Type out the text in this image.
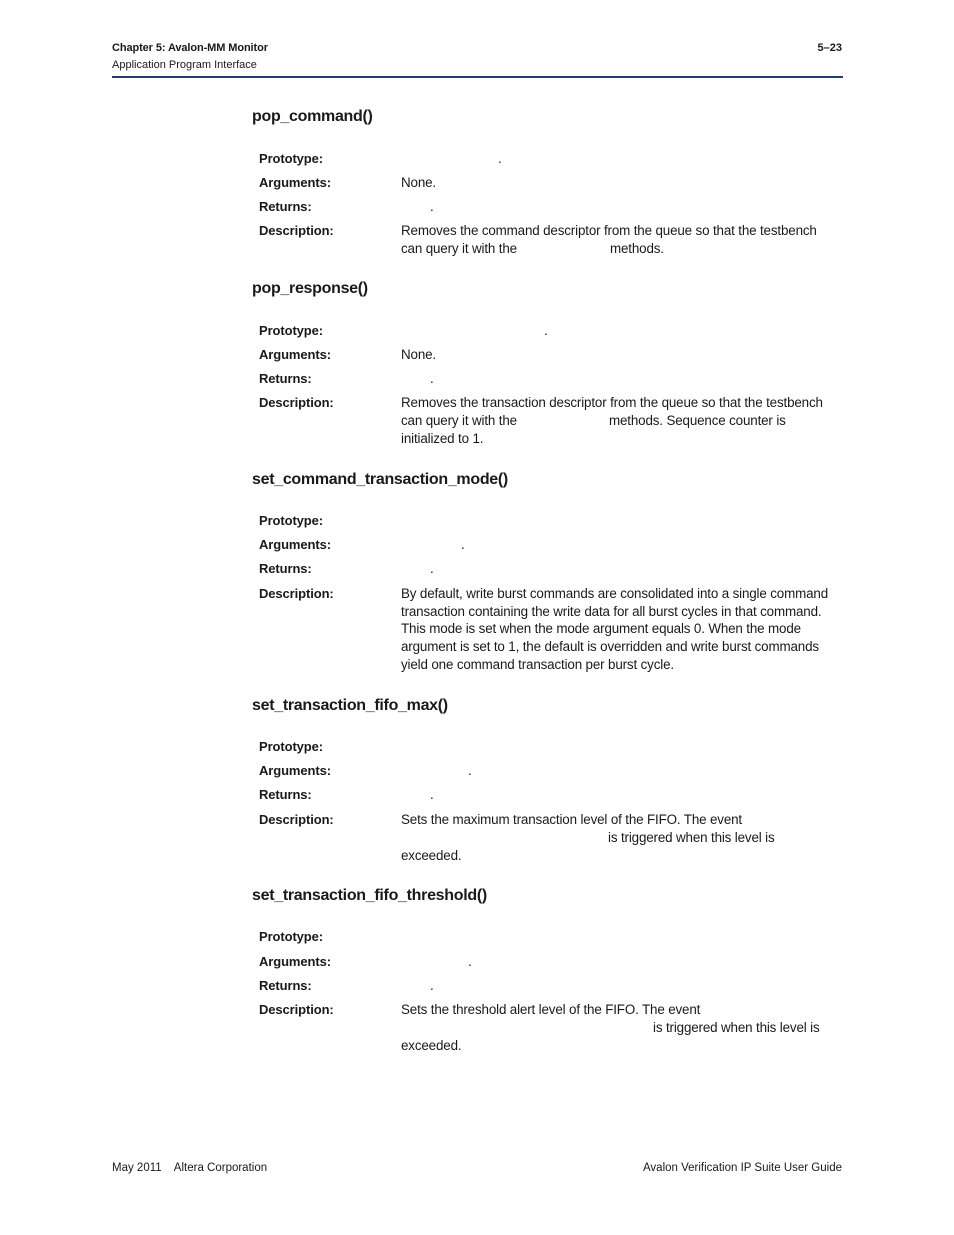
Chapter 5: Avalon-MM Monitor	5–23
Application Program Interface
pop_command()
Prototype:	.
Arguments:	None.
Returns:	.
Description:	Removes the command descriptor from the queue so that the testbench
can query it with the	methods.
pop_response()
Prototype:	.
Arguments:	None.
Returns:	.
Description:	Removes the transaction descriptor from the queue so that the testbench
can query it with the	methods. Sequence counter is
initialized to 1.
set_command_transaction_mode()
Prototype:
Arguments:	.
Returns:	.
Description:	By default, write burst commands are consolidated into a single command
transaction containing the write data for all burst cycles in that command.
This mode is set when the mode argument equals 0. When the mode
argument is set to 1, the default is overridden and write burst commands
yield one command transaction per burst cycle.
set_transaction_fifo_max()
Prototype:
Arguments:	.
Returns:	.
Description:	Sets the maximum transaction level of the FIFO. The event
is triggered when this level is
exceeded.
set_transaction_fifo_threshold()
Prototype:
Arguments:	.
Returns:	.
Description:	Sets the threshold alert level of the FIFO. The event
is triggered when this level is
exceeded.
May 2011    Altera Corporation	Avalon Verification IP Suite User Guide
